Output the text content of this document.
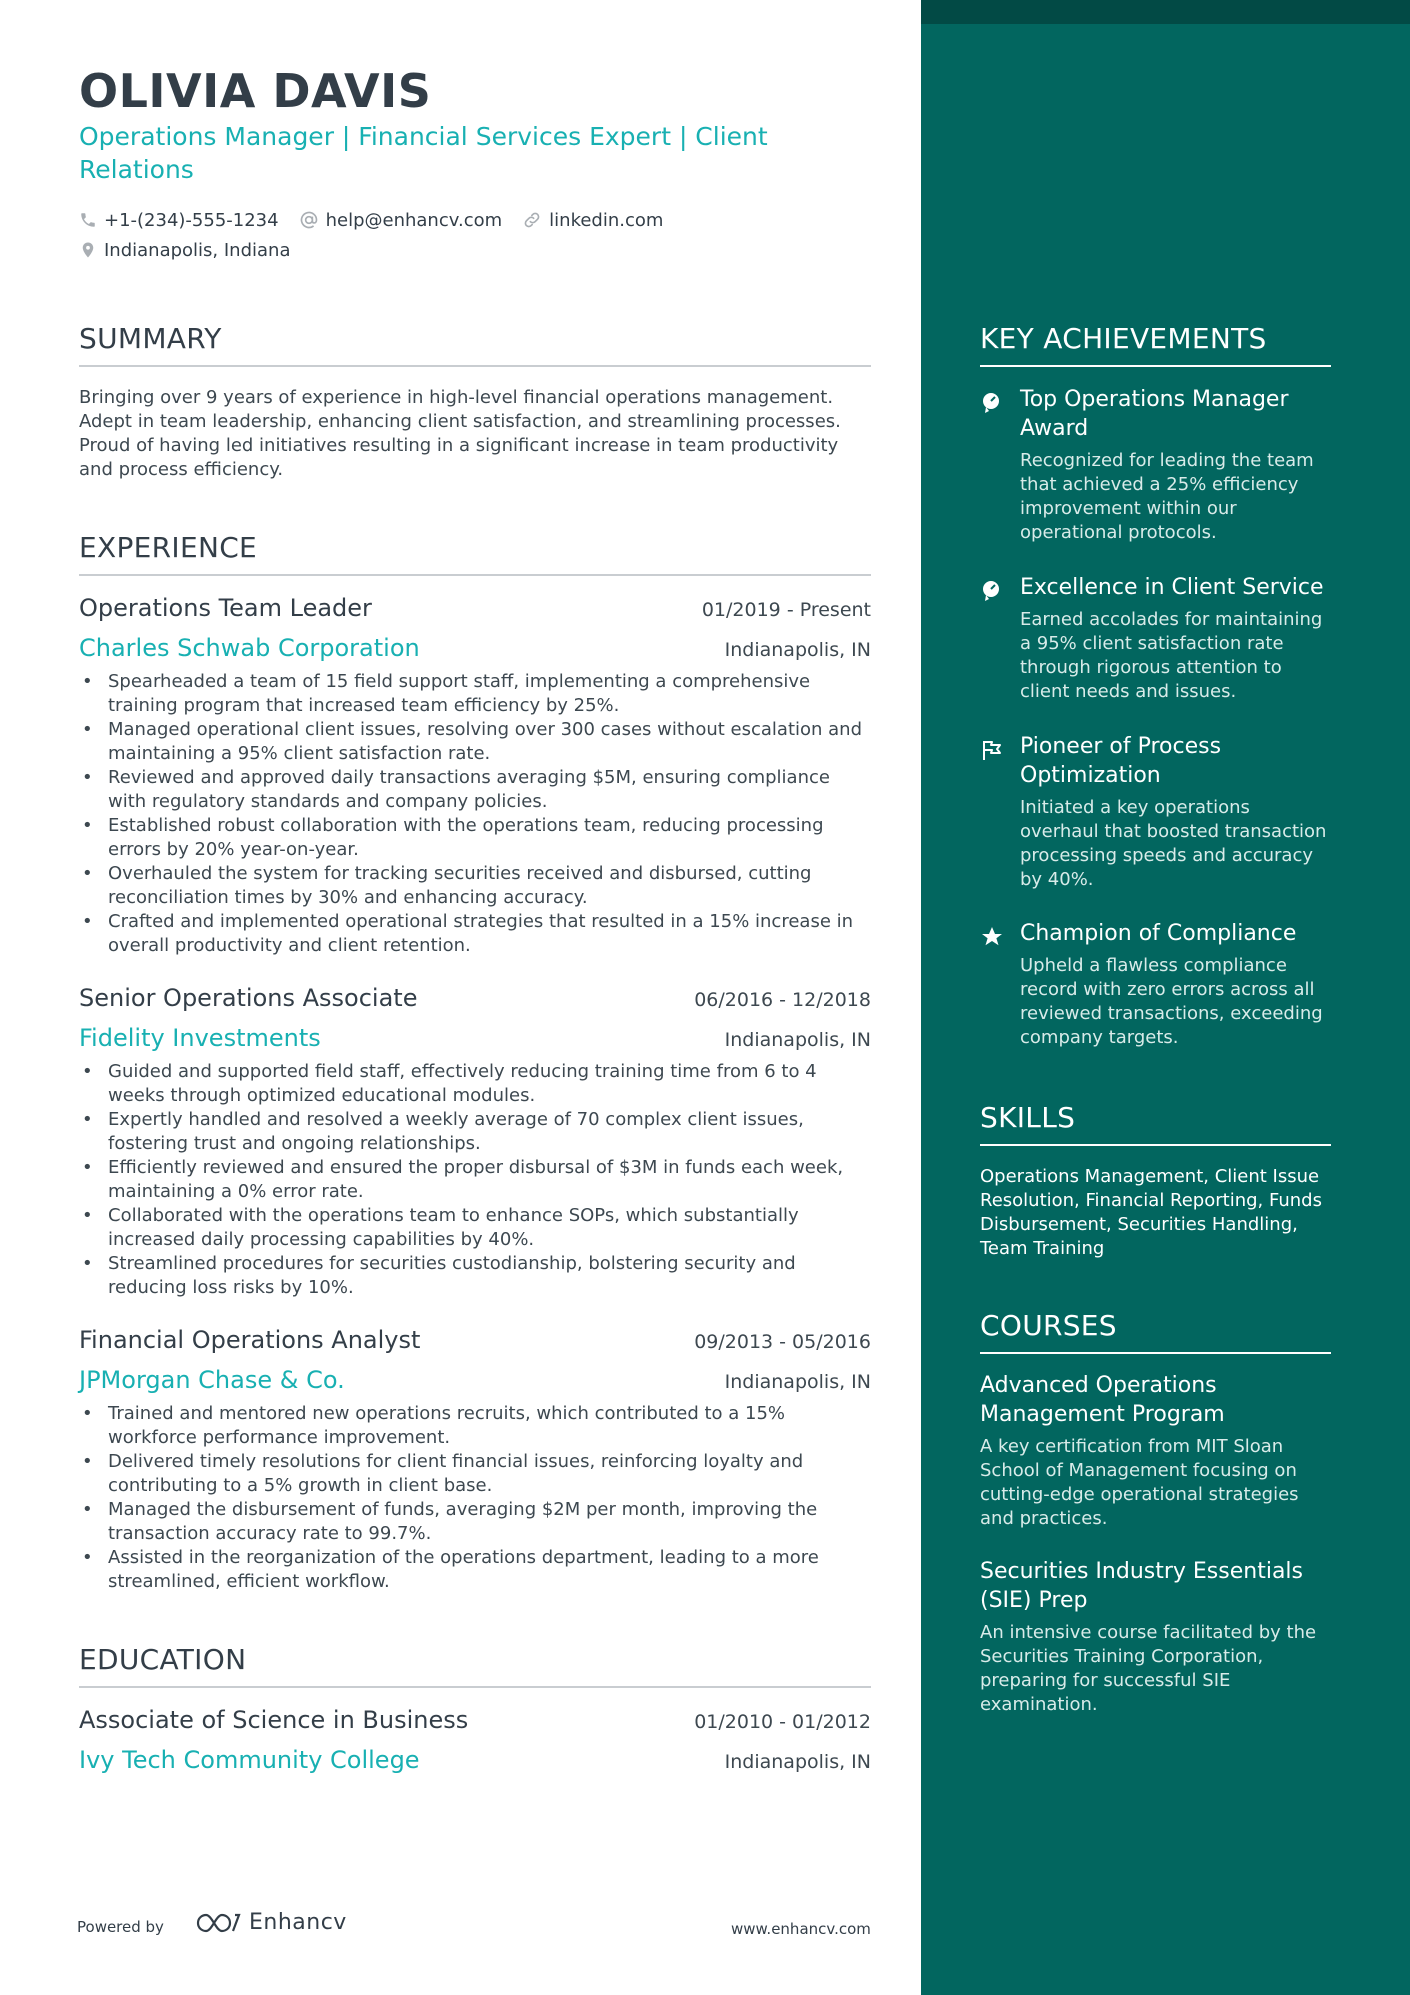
OLIVIA DAVIS
Operations Manager | Financial Services Expert | Client Relations
+1-(234)-555-1234	help@enhancv.com	linkedin.com
Indianapolis, Indiana
SUMMARY
Bringing over 9 years of experience in high-level financial operations management. Adept in team leadership, enhancing client satisfaction, and streamlining processes. Proud of having led initiatives resulting in a significant increase in team productivity and process efficiency.
EXPERIENCE
Operations Team Leader	01/2019 - Present
Charles Schwab Corporation	Indianapolis, IN
• Spearheaded a team of 15 field support staff, implementing a comprehensive training program that increased team efficiency by 25%.
• Managed operational client issues, resolving over 300 cases without escalation and maintaining a 95% client satisfaction rate.
• Reviewed and approved daily transactions averaging $5M, ensuring compliance with regulatory standards and company policies.
• Established robust collaboration with the operations team, reducing processing errors by 20% year-on-year.
• Overhauled the system for tracking securities received and disbursed, cutting reconciliation times by 30% and enhancing accuracy.
• Crafted and implemented operational strategies that resulted in a 15% increase in overall productivity and client retention.
Senior Operations Associate	06/2016 - 12/2018
Fidelity Investments	Indianapolis, IN
• Guided and supported field staff, effectively reducing training time from 6 to 4 weeks through optimized educational modules.
• Expertly handled and resolved a weekly average of 70 complex client issues, fostering trust and ongoing relationships.
• Efficiently reviewed and ensured the proper disbursal of $3M in funds each week, maintaining a 0% error rate.
• Collaborated with the operations team to enhance SOPs, which substantially increased daily processing capabilities by 40%.
• Streamlined procedures for securities custodianship, bolstering security and reducing loss risks by 10%.
Financial Operations Analyst	09/2013 - 05/2016
JPMorgan Chase & Co.	Indianapolis, IN
• Trained and mentored new operations recruits, which contributed to a 15% workforce performance improvement.
• Delivered timely resolutions for client financial issues, reinforcing loyalty and contributing to a 5% growth in client base.
• Managed the disbursement of funds, averaging $2M per month, improving the transaction accuracy rate to 99.7%.
• Assisted in the reorganization of the operations department, leading to a more streamlined, efficient workflow.
EDUCATION
Associate of Science in Business	01/2010 - 01/2012
Ivy Tech Community College	Indianapolis, IN
KEY ACHIEVEMENTS
Top Operations Manager Award
Recognized for leading the team that achieved a 25% efficiency improvement within our operational protocols.
Excellence in Client Service
Earned accolades for maintaining a 95% client satisfaction rate through rigorous attention to client needs and issues.
Pioneer of Process Optimization
Initiated a key operations overhaul that boosted transaction processing speeds and accuracy by 40%.
Champion of Compliance
Upheld a flawless compliance record with zero errors across all reviewed transactions, exceeding company targets.
SKILLS
Operations Management, Client Issue Resolution, Financial Reporting, Funds Disbursement, Securities Handling, Team Training
COURSES
Advanced Operations Management Program
A key certification from MIT Sloan School of Management focusing on cutting-edge operational strategies and practices.
Securities Industry Essentials (SIE) Prep
An intensive course facilitated by the Securities Training Corporation, preparing for successful SIE examination.
Powered by	Enhancv	www.enhancv.com
